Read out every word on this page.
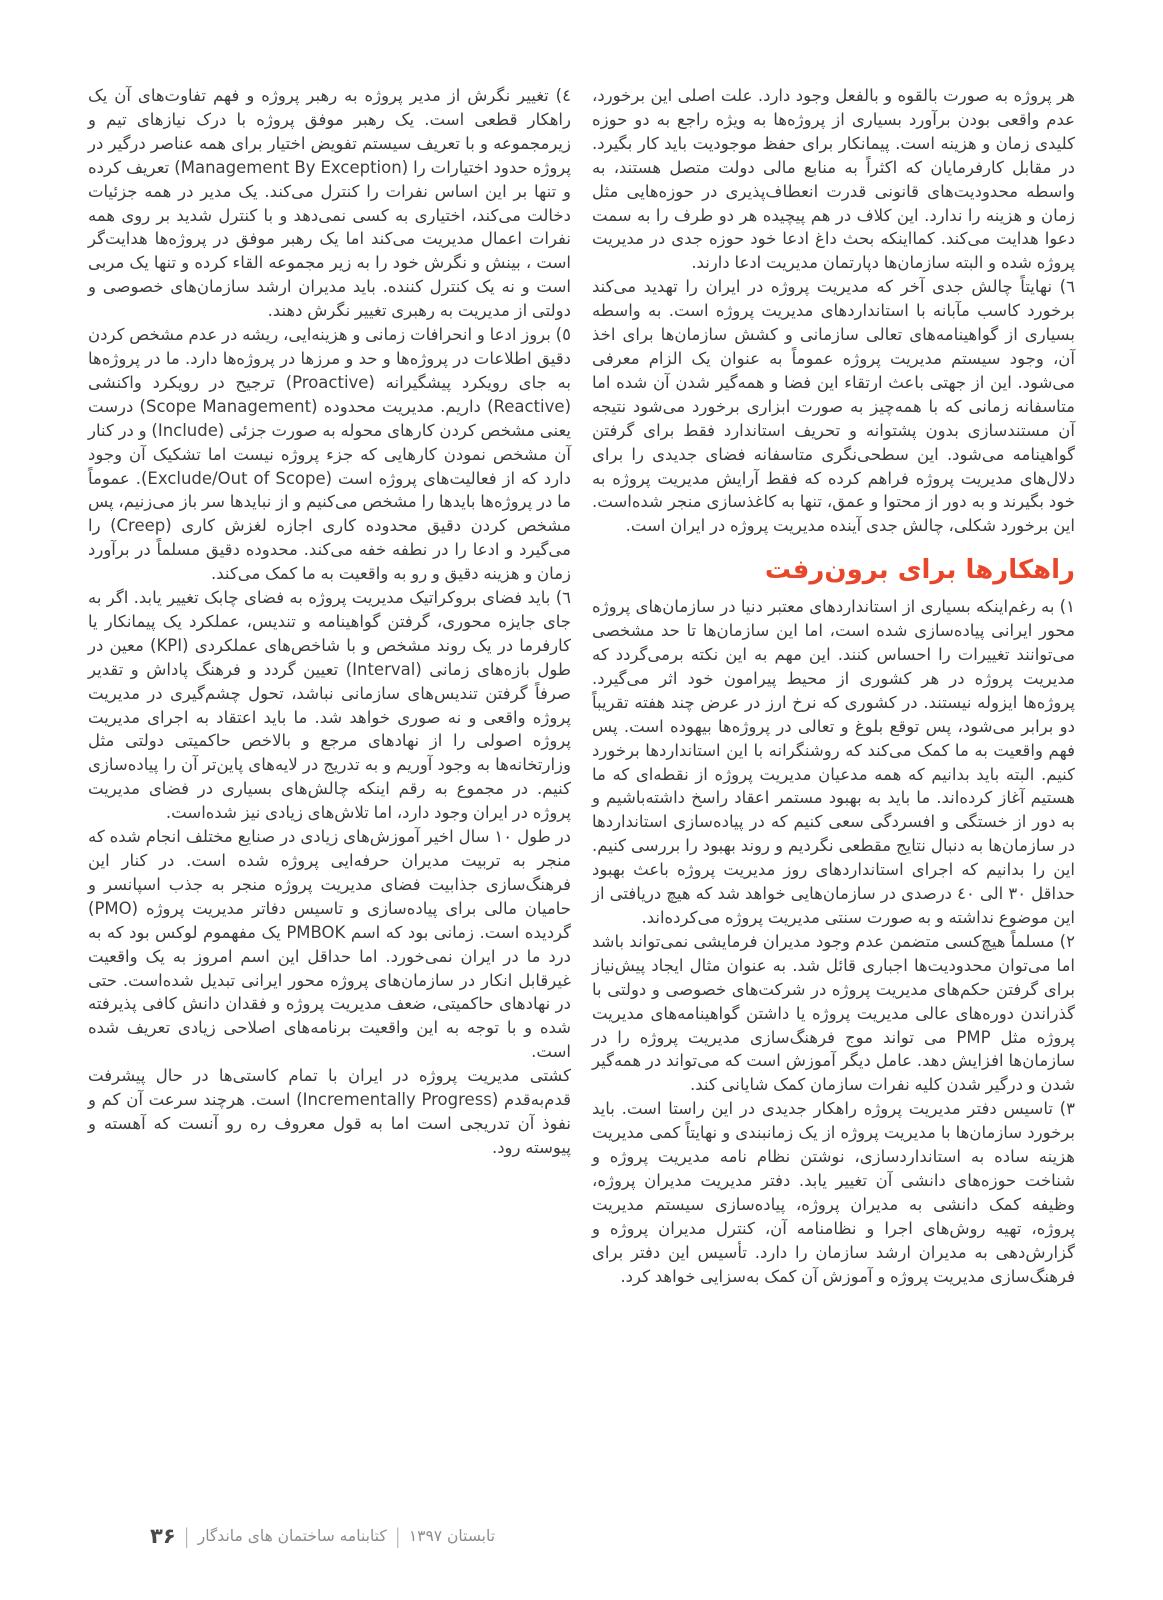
هر پروژه به صورت بالقوه و بالفعل وجود دارد. علت اصلی این برخورد، عدم واقعی بودن برآورد بسیاری از پروژه‌ها به ویژه راجع به دو حوزه کلیدی زمان و هزینه است. پیمانکار برای حفظ موجودیت باید کار بگیرد. در مقابل کارفرمایان که اکثراً به منابع مالی دولت متصل هستند، به واسطه محدودیت‌های قانونی قدرت انعطاف‌پذیری در حوزه‌هایی مثل زمان و هزینه را ندارد. این کلاف در هم پیچیده هر دو طرف را به سمت دعوا هدایت می‌کند. کمااینکه بحث داغ ادعا خود حوزه جدی در مدیریت پروژه شده و البته سازمان‌ها دپارتمان مدیریت ادعا دارند.

٦) نهایتاً چالش جدی آخر که مدیریت پروژه در ایران را تهدید می‌کند برخورد کاسب مآبانه با استانداردهای مدیریت پروژه است. به واسطه بسیاری از گواهینامه‌های تعالی سازمانی و کشش سازمان‌ها برای اخذ آن، وجود سیستم مدیریت پروژه عموماً به عنوان یک الزام معرفی می‌شود. این از جهتی باعث ارتقاء این فضا و همه‌گیر شدن آن شده اما متاسفانه زمانی که با همه‌چیز به صورت ابزاری برخورد می‌شود نتیجه آن مستندسازی بدون پشتوانه و تحریف استاندارد فقط برای گرفتن گواهینامه می‌شود. این سطحی‌نگری متاسفانه فضای جدیدی را برای دلال‌های مدیریت پروژه فراهم کرده که فقط آرایش مدیریت پروژه به خود بگیرند و به دور از محتوا و عمق، تنها به کاغذسازی منجر شده‌است. این برخورد شکلی، چالش جدی آینده مدیریت پروژه در ایران است.

راهکارها برای برون‌رفت

١) به رغم‌اینکه بسیاری از استانداردهای معتبر دنیا در سازمان‌های پروژه محور ایرانی پیاده‌سازی شده است، اما این سازمان‌ها تا حد مشخصی می‌توانند تغییرات را احساس کنند. این مهم به این نکته برمی‌گردد که مدیریت پروژه در هر کشوری از محیط پیرامون خود اثر می‌گیرد. پروژه‌ها ایزوله نیستند. در کشوری که نرخ ارز در عرض چند هفته تقریباً دو برابر می‌شود، پس توقع بلوغ و تعالی در پروژه‌ها بیهوده است. پس فهم واقعیت به ما کمک می‌کند که روشنگرانه با این استانداردها برخورد کنیم. البته باید بدانیم که همه مدعیان مدیریت پروژه از نقطه‌ای که ما هستیم آغاز کرده‌اند. ما باید به بهبود مستمر اعقاد راسخ داشته‌باشیم و به دور از خستگی و افسردگی سعی کنیم که در پیاده‌سازی استانداردها در سازمان‌ها به دنبال نتایج مقطعی نگردیم و روند بهبود را بررسی کنیم. این را بدانیم که اجرای استانداردهای روز مدیریت پروژه باعث بهبود حداقل ٣٠ الی ٤٠ درصدی در سازمان‌هایی خواهد شد که هیچ دریافتی از این موضوع نداشته و به صورت سنتی مدیریت پروژه می‌کرده‌اند.

٢) مسلماً هیچ‌کسی متضمن عدم وجود مدیران فرمایشی نمی‌تواند باشد اما می‌توان محدودیت‌ها اجباری قائل شد. به عنوان مثال ایجاد پیش‌نیاز برای گرفتن حکم‌های مدیریت پروژه در شرکت‌های خصوصی و دولتی با گذراندن دوره‌های عالی مدیریت پروژه یا داشتن گواهینامه‌های مدیریت پروژه مثل PMP می تواند موج فرهنگ‌سازی مدیریت پروژه را در سازمان‌ها افزایش دهد. عامل دیگر آموزش است که می‌تواند در همه‌گیر شدن و درگیر شدن کلیه نفرات سازمان کمک شایانی کند.

٣) تاسیس دفتر مدیریت پروژه راهکار جدیدی در این راستا است. باید برخورد سازمان‌ها با مدیریت پروژه از یک زمانبندی و نهایتاً کمی مدیریت هزینه ساده به استانداردسازی، نوشتن نظام نامه مدیریت پروژه و شناخت حوزه‌های دانشی آن تغییر یابد. دفتر مدیریت مدیران پروژه، وظیفه کمک دانشی به مدیران پروژه، پیاده‌سازی سیستم مدیریت پروژه، تهیه روش‌های اجرا و نظامنامه آن، کنترل مدیران پروژه و گزارش‌دهی به مدیران ارشد سازمان را دارد. تأسیس این دفتر برای فرهنگ‌سازی مدیریت پروژه و آموزش آن کمک به‌سزایی خواهد کرد.

٤) تغییر نگرش از مدیر پروژه به رهبر پروژه و فهم تفاوت‌های آن یک راهکار قطعی است. یک رهبر موفق پروژه با درک نیازهای تیم و زیرمجموعه و با تعریف سیستم تفویض اختیار برای همه عناصر درگیر در پروژه حدود اختیارات را (Management By Exception) تعریف کرده و تنها بر این اساس نفرات را کنترل می‌کند. یک مدیر در همه جزئیات دخالت می‌کند، اختیاری به کسی نمی‌دهد و با کنترل شدید بر روی همه نفرات اعمال مدیریت می‌کند اما یک رهبر موفق در پروژه‌ها هدایت‌گر است ، بینش و نگرش خود را به زیر مجموعه القاء کرده و تنها یک مربی است و نه یک کنترل کننده. باید مدیران ارشد سازمان‌های خصوصی و دولتی از مدیریت به رهبری تغییر نگرش دهند.

٥) بروز ادعا و انحرافات زمانی و هزینه‌ایی، ریشه در عدم مشخص کردن دقیق اطلاعات در پروژه‌ها و حد و مرزها در پروژه‌ها دارد. ما در پروژه‌ها به جای رویکرد پیشگیرانه (Proactive) ترجیح در رویکرد واکنشی (Reactive) داریم. مدیریت محدوده (Scope Management) درست یعنی مشخص کردن کارهای محوله به صورت جزئی (Include) و در کنار آن مشخص نمودن کارهایی که جزء پروژه نیست اما تشکیک آن وجود دارد که از فعالیت‌های پروژه است (Exclude/Out of Scope). عموماً ما در پروژه‌ها بایدها را مشخص می‌کنیم و از نبایدها سر باز می‌زنیم، پس مشخص کردن دقیق محدوده کاری اجازه لغزش کاری (Creep) را می‌گیرد و ادعا را در نطفه خفه می‌کند. محدوده دقیق مسلماً در برآورد زمان و هزینه دقیق و رو به واقعیت به ما کمک می‌کند.

٦) باید فضای بروکراتیک مدیریت پروژه به فضای چابک تغییر یابد. اگر به جای جایزه محوری، گرفتن گواهینامه و تندیس، عملکرد یک پیمانکار یا کارفرما در یک روند مشخص و با شاخص‌های عملکردی (KPI) معین در طول بازه‌های زمانی (Interval) تعیین گردد و فرهنگ پاداش و تقدیر صرفاً گرفتن تندیس‌های سازمانی نباشد، تحول چشم‌گیری در مدیریت پروژه واقعی و نه صوری خواهد شد. ما باید اعتقاد به اجرای مدیریت پروژه اصولی را از نهادهای مرجع و بالاخص حاکمیتی دولتی مثل وزارتخانه‌ها به وجود آوریم و به تدریج در لایه‌های پاین‌تر آن را پیاده‌سازی کنیم. در مجموع به رقم اینکه چالش‌های بسیاری در فضای مدیریت پروژه در ایران وجود دارد، اما تلاش‌های زیادی نیز شده‌است.

در طول ١٠ سال اخیر آموزش‌های زیادی در صنایع مختلف انجام شده که منجر به تربیت مدیران حرفه‌ایی پروژه شده است. در کنار این فرهنگ‌سازی جذابیت فضای مدیریت پروژه منجر به جذب اسپانسر و حامیان مالی برای پیاده‌سازی و تاسیس دفاتر مدیریت پروژه (PMO) گردیده است. زمانی بود که اسم PMBOK یک مفهموم لوکس بود که به درد ما در ایران نمی‌خورد. اما حداقل این اسم امروز به یک واقعیت غیرقابل انکار در سازمان‌های پروژه محور ایرانی تبدیل شده‌است. حتی در نهادهای حاکمیتی، ضعف مدیریت پروژه و فقدان دانش کافی پذیرفته شده و با توجه به این واقعیت برنامه‌های اصلاحی زیادی تعریف شده است.

کشتی مدیریت پروژه در ایران با تمام کاستی‌ها در حال پیشرفت قدم‌به‌قدم (Incrementally Progress) است. هرچند سرعت آن کم و نفوذ آن تدریجی است اما به قول معروف ره رو آنست که آهسته و پیوسته رود.

تابستان ۱۳۹۷
|
کتابنامه ساختمان های ماندگار
|
۳۶
